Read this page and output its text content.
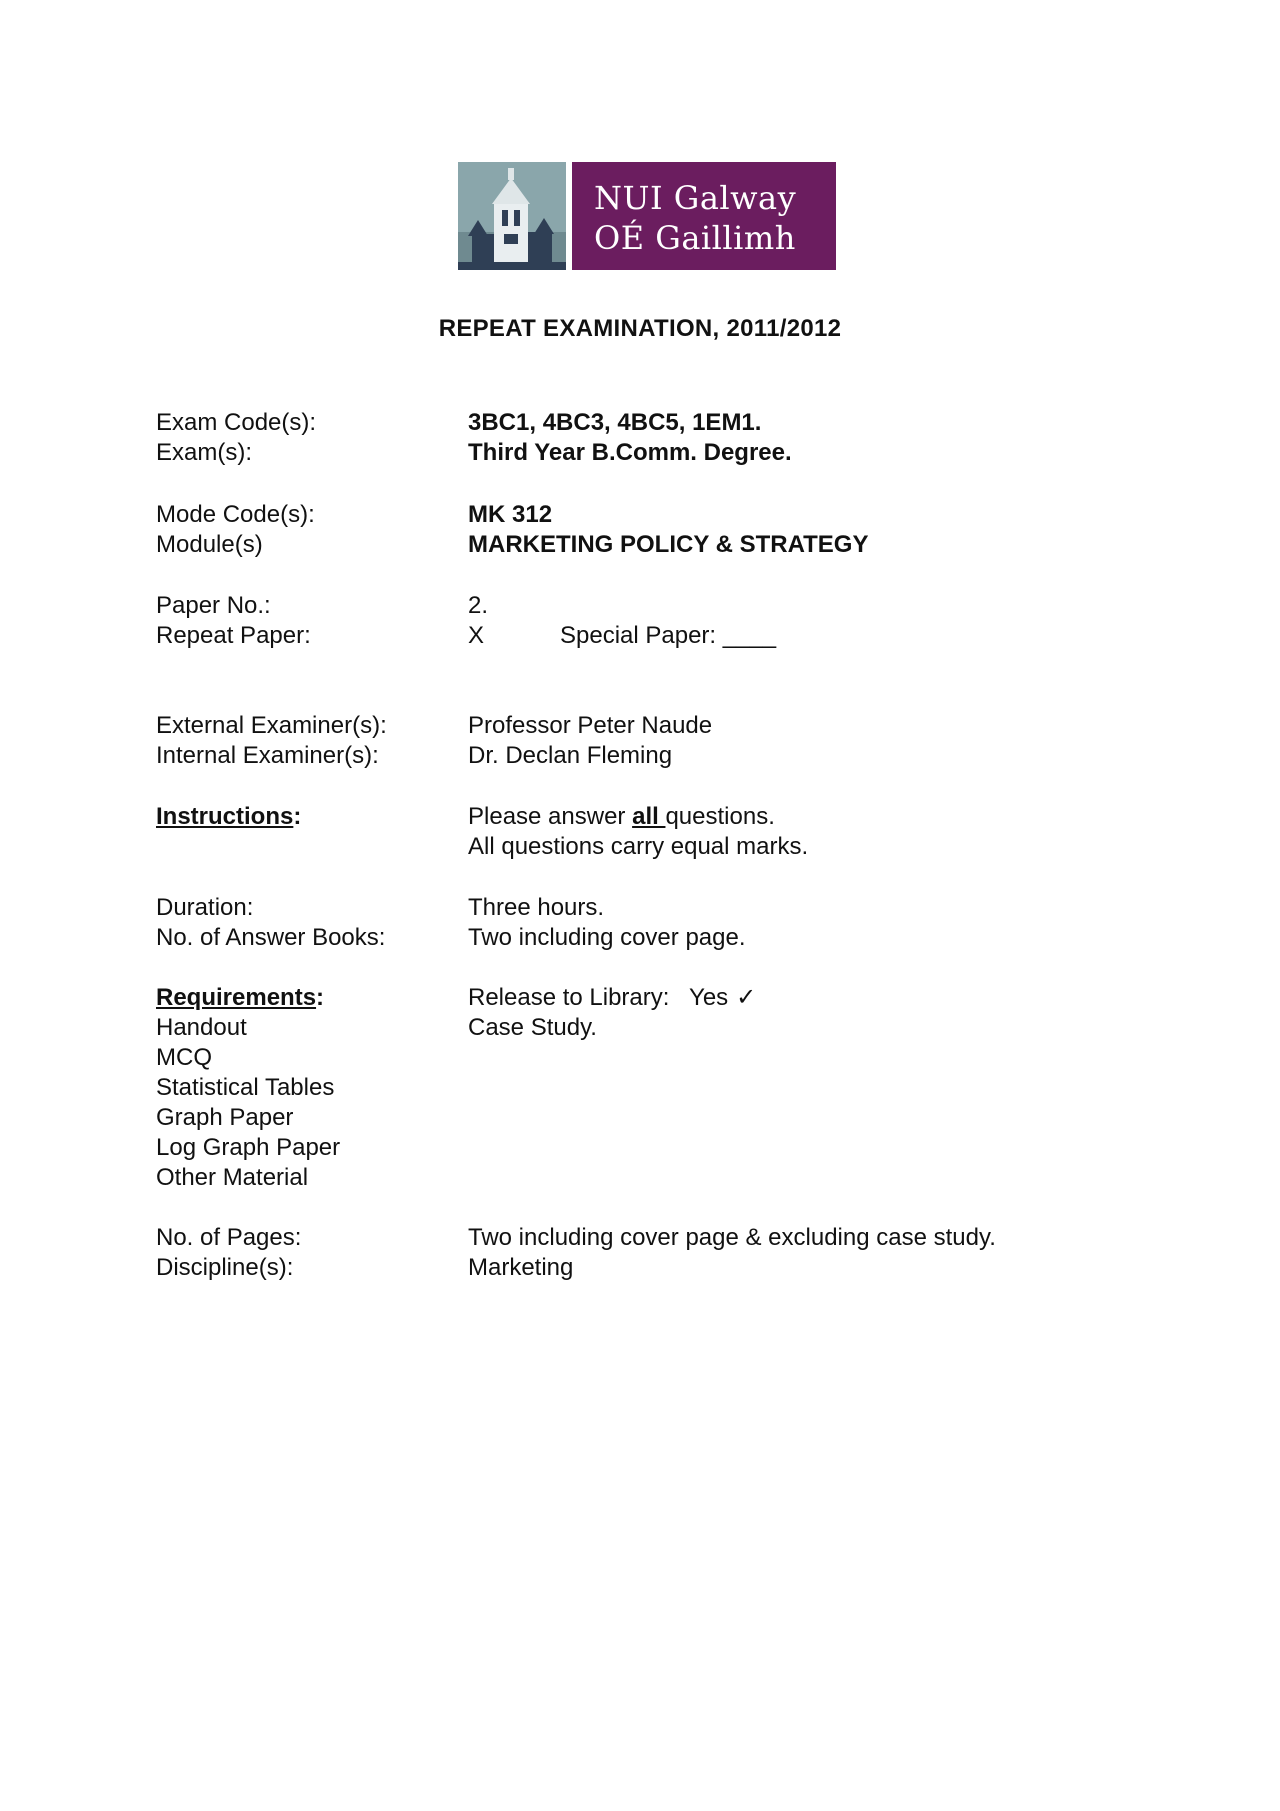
NUI Galway
OÉ Gaillimh
REPEAT EXAMINATION, 2011/2012
Exam Code(s):	3BC1, 4BC3, 4BC5, 1EM1.
Exam(s):	Third Year B.Comm. Degree.
Mode Code(s):	MK 312
Module(s)	MARKETING POLICY & STRATEGY
Paper No.:	2.
Repeat Paper:	X	Special Paper: ____
External Examiner(s):	Professor Peter Naude
Internal Examiner(s):	Dr. Declan Fleming
Instructions:	Please answer all questions.
All questions carry equal marks.
Duration:	Three hours.
No. of Answer Books:	Two including cover page.
Requirements:	Release to Library: Yes ✓
Handout	Case Study.
MCQ
Statistical Tables
Graph Paper
Log Graph Paper
Other Material
No. of Pages:	Two including cover page & excluding case study.
Discipline(s):	Marketing
